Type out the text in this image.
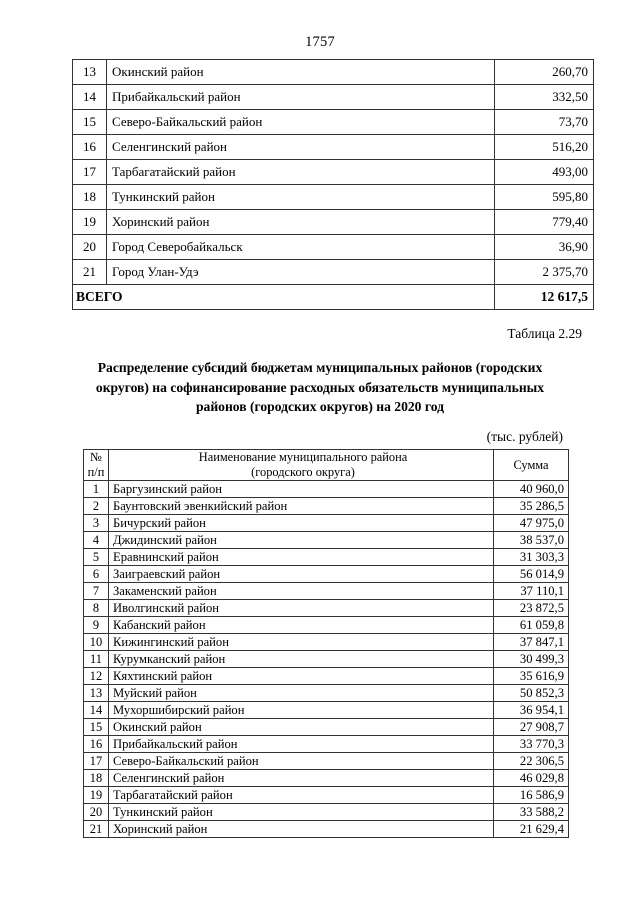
1757
13	Окинский район	260,70
14	Прибайкальский район	332,50
15	Северо-Байкальский район	73,70
16	Селенгинский район	516,20
17	Тарбагатайский район	493,00
18	Тункинский район	595,80
19	Хоринский район	779,40
20	Город Северобайкальск	36,90
21	Город Улан-Удэ	2 375,70
ВСЕГО		12 617,5
Таблица 2.29
Распределение субсидий бюджетам муниципальных районов (городских
округов) на софинансирование расходных обязательств муниципальных
районов (городских округов) на 2020 год
(тыс. рублей)
№
п/п

Наименование муниципального района
(городского округа)
	Сумма
1	Баргузинский район	40 960,0
2	Баунтовский эвенкийский район	35 286,5
3	Бичурский район	47 975,0
4	Джидинский район	38 537,0
5	Еравнинский район	31 303,3
6	Заиграевский район	56 014,9
7	Закаменский район	37 110,1
8	Иволгинский район	23 872,5
9	Кабанский район	61 059,8
10	Кижингинский район	37 847,1
11	Курумканский район	30 499,3
12	Кяхтинский район	35 616,9
13	Муйский район	50 852,3
14	Мухоршибирский район	36 954,1
15	Окинский район	27 908,7
16	Прибайкальский район	33 770,3
17	Северо-Байкальский район	22 306,5
18	Селенгинский район	46 029,8
19	Тарбагатайский район	16 586,9
20	Тункинский район	33 588,2
21	Хоринский район	21 629,4
